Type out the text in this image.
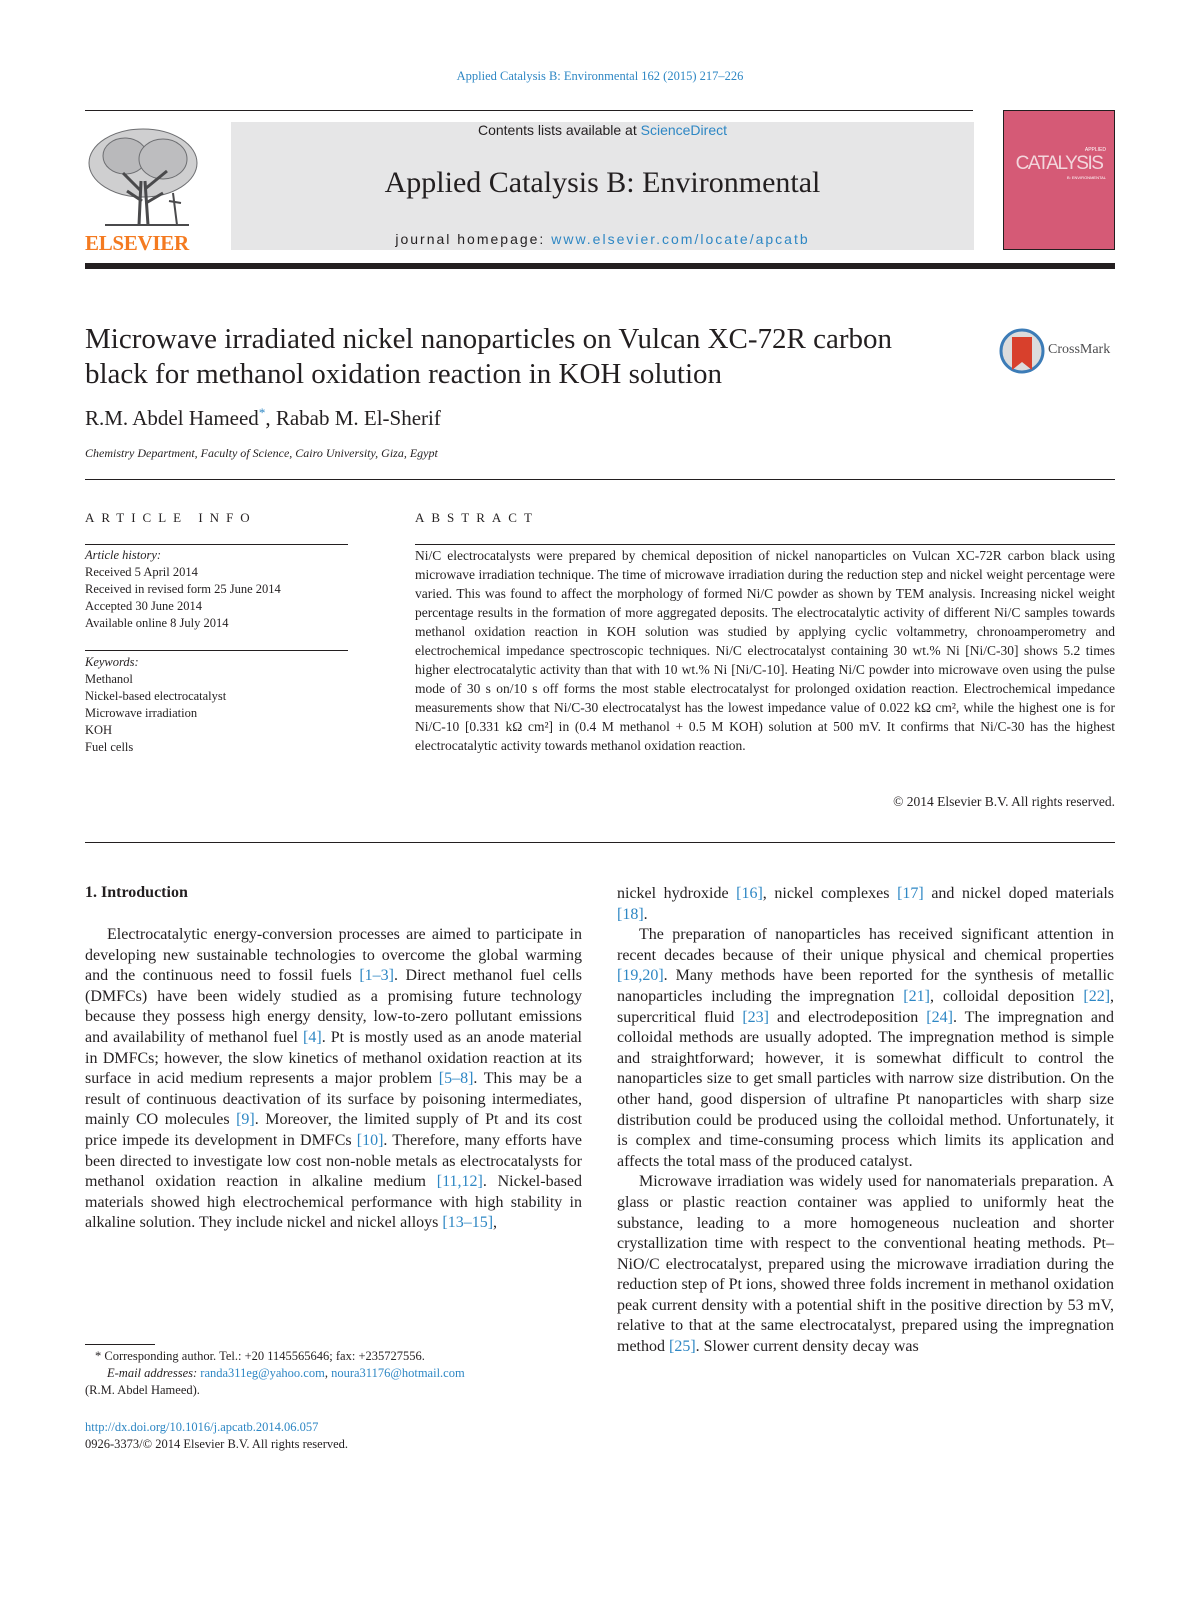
Applied Catalysis B: Environmental 162 (2015) 217–226
ELSEVIER
Contents lists available at ScienceDirect
Applied Catalysis B: Environmental
journal homepage: www.elsevier.com/locate/apcatb
APPLIED
CATALYSIS
B: ENVIRONMENTAL
Microwave irradiated nickel nanoparticles on Vulcan XC-72R carbon
black for methanol oxidation reaction in KOH solution
CrossMark
R.M. Abdel Hameed*, Rabab M. El-Sherif
Chemistry Department, Faculty of Science, Cairo University, Giza, Egypt
ARTICLE INFO
Article history:
Received 5 April 2014
Received in revised form 25 June 2014
Accepted 30 June 2014
Available online 8 July 2014
Keywords:
Methanol
Nickel-based electrocatalyst
Microwave irradiation
KOH
Fuel cells
ABSTRACT
Ni/C electrocatalysts were prepared by chemical deposition of nickel nanoparticles on Vulcan XC-72R carbon black using microwave irradiation technique. The time of microwave irradiation during the reduction step and nickel weight percentage were varied. This was found to affect the morphology of formed Ni/C powder as shown by TEM analysis. Increasing nickel weight percentage results in the formation of more aggregated deposits. The electrocatalytic activity of different Ni/C samples towards methanol oxidation reaction in KOH solution was studied by applying cyclic voltammetry, chronoamperometry and electrochemical impedance spectroscopic techniques. Ni/C electrocatalyst containing 30 wt.% Ni [Ni/C-30] shows 5.2 times higher electrocatalytic activity than that with 10 wt.% Ni [Ni/C-10]. Heating Ni/C powder into microwave oven using the pulse mode of 30 s on/10 s off forms the most stable electrocatalyst for prolonged oxidation reaction. Electrochemical impedance measurements show that Ni/C-30 electrocatalyst has the lowest impedance value of 0.022 kΩ cm², while the highest one is for Ni/C-10 [0.331 kΩ cm²] in (0.4 M methanol + 0.5 M KOH) solution at 500 mV. It confirms that Ni/C-30 has the highest electrocatalytic activity towards methanol oxidation reaction.
© 2014 Elsevier B.V. All rights reserved.
1. Introduction

Electrocatalytic energy-conversion processes are aimed to participate in developing new sustainable technologies to overcome the global warming and the continuous need to fossil fuels [1–3]. Direct methanol fuel cells (DMFCs) have been widely studied as a promising future technology because they possess high energy density, low-to-zero pollutant emissions and availability of methanol fuel [4]. Pt is mostly used as an anode material in DMFCs; however, the slow kinetics of methanol oxidation reaction at its surface in acid medium represents a major problem [5–8]. This may be a result of continuous deactivation of its surface by poisoning intermediates, mainly CO molecules [9]. Moreover, the limited supply of Pt and its cost price impede its development in DMFCs [10]. Therefore, many efforts have been directed to investigate low cost non-noble metals as electrocatalysts for methanol oxidation reaction in alkaline medium [11,12]. Nickel-based materials showed high electrochemical performance with high stability in alkaline solution. They include nickel and nickel alloys [13–15],

nickel hydroxide [16], nickel complexes [17] and nickel doped materials [18].

The preparation of nanoparticles has received significant attention in recent decades because of their unique physical and chemical properties [19,20]. Many methods have been reported for the synthesis of metallic nanoparticles including the impregnation [21], colloidal deposition [22], supercritical fluid [23] and electrodeposition [24]. The impregnation and colloidal methods are usually adopted. The impregnation method is simple and straightforward; however, it is somewhat difficult to control the nanoparticles size to get small particles with narrow size distribution. On the other hand, good dispersion of ultrafine Pt nanoparticles with sharp size distribution could be produced using the colloidal method. Unfortunately, it is complex and time-consuming process which limits its application and affects the total mass of the produced catalyst.

Microwave irradiation was widely used for nanomaterials preparation. A glass or plastic reaction container was applied to uniformly heat the substance, leading to a more homogeneous nucleation and shorter crystallization time with respect to the conventional heating methods. Pt–NiO/C electrocatalyst, prepared using the microwave irradiation during the reduction step of Pt ions, showed three folds increment in methanol oxidation peak current density with a potential shift in the positive direction by 53 mV, relative to that at the same electrocatalyst, prepared using the impregnation method [25]. Slower current density decay was

* Corresponding author. Tel.: +20 1145565646; fax: +235727556.
E-mail addresses: randa311eg@yahoo.com, noura31176@hotmail.com
(R.M. Abdel Hameed).
http://dx.doi.org/10.1016/j.apcatb.2014.06.057
0926-3373/© 2014 Elsevier B.V. All rights reserved.
